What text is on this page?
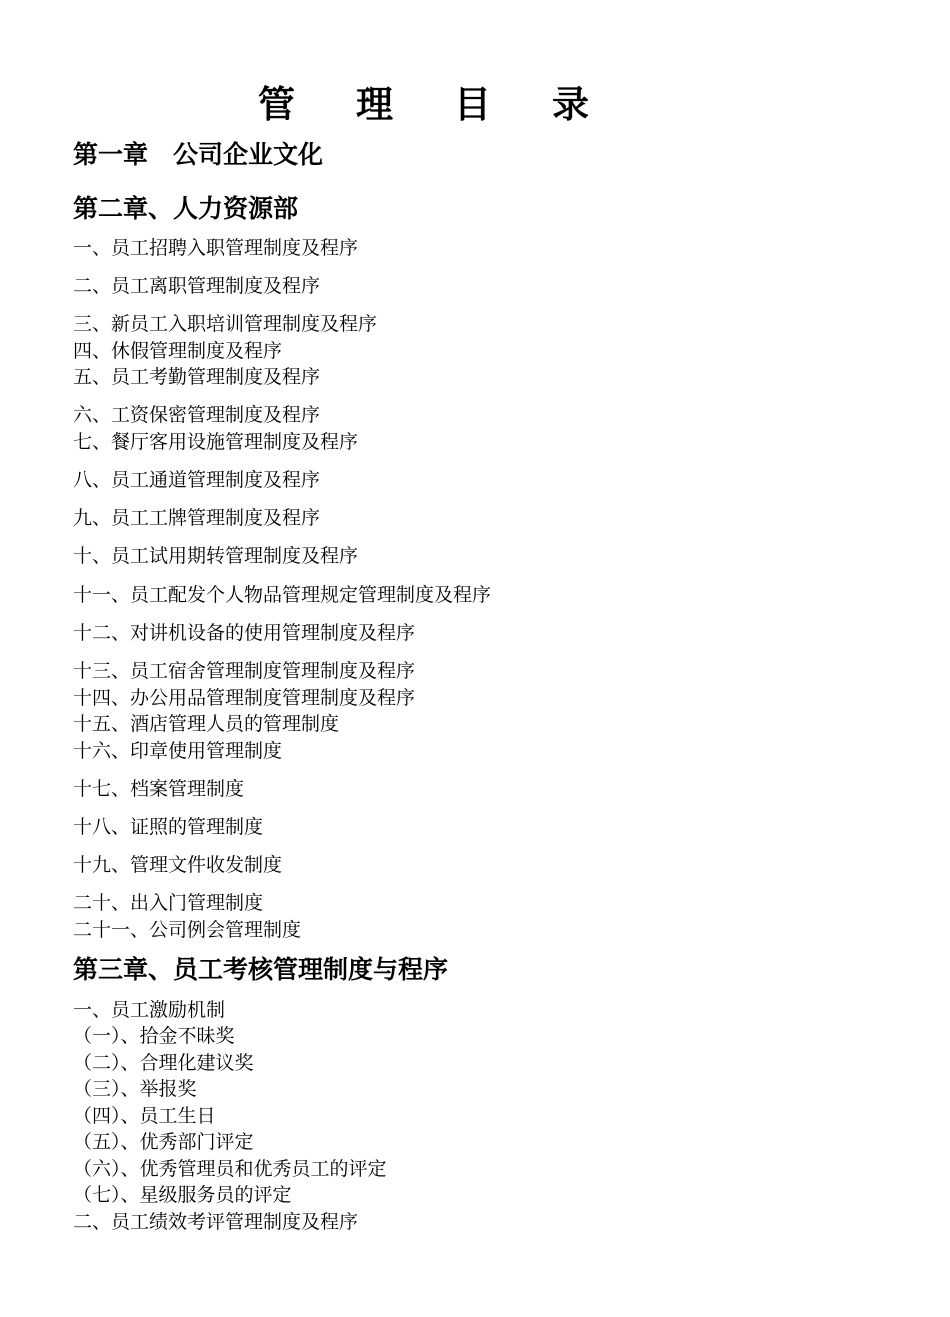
管 理 目 录
第一章　公司企业文化
第二章、人力资源部
一、员工招聘入职管理制度及程序
二、员工离职管理制度及程序
三、新员工入职培训管理制度及程序
四、休假管理制度及程序
五、员工考勤管理制度及程序
六、工资保密管理制度及程序
七、餐厅客用设施管理制度及程序
八、员工通道管理制度及程序
九、员工工牌管理制度及程序
十、员工试用期转管理制度及程序
十一、员工配发个人物品管理规定管理制度及程序
十二、对讲机设备的使用管理制度及程序
十三、员工宿舍管理制度管理制度及程序
十四、办公用品管理制度管理制度及程序
十五、酒店管理人员的管理制度
十六、印章使用管理制度
十七、档案管理制度
十八、证照的管理制度
十九、管理文件收发制度
二十、出入门管理制度
二十一、公司例会管理制度
第三章、员工考核管理制度与程序
一、员工激励机制
（一）、拾金不昧奖
（二）、合理化建议奖
（三）、举报奖
（四）、员工生日
（五）、优秀部门评定
（六）、优秀管理员和优秀员工的评定
（七）、星级服务员的评定
二、员工绩效考评管理制度及程序
